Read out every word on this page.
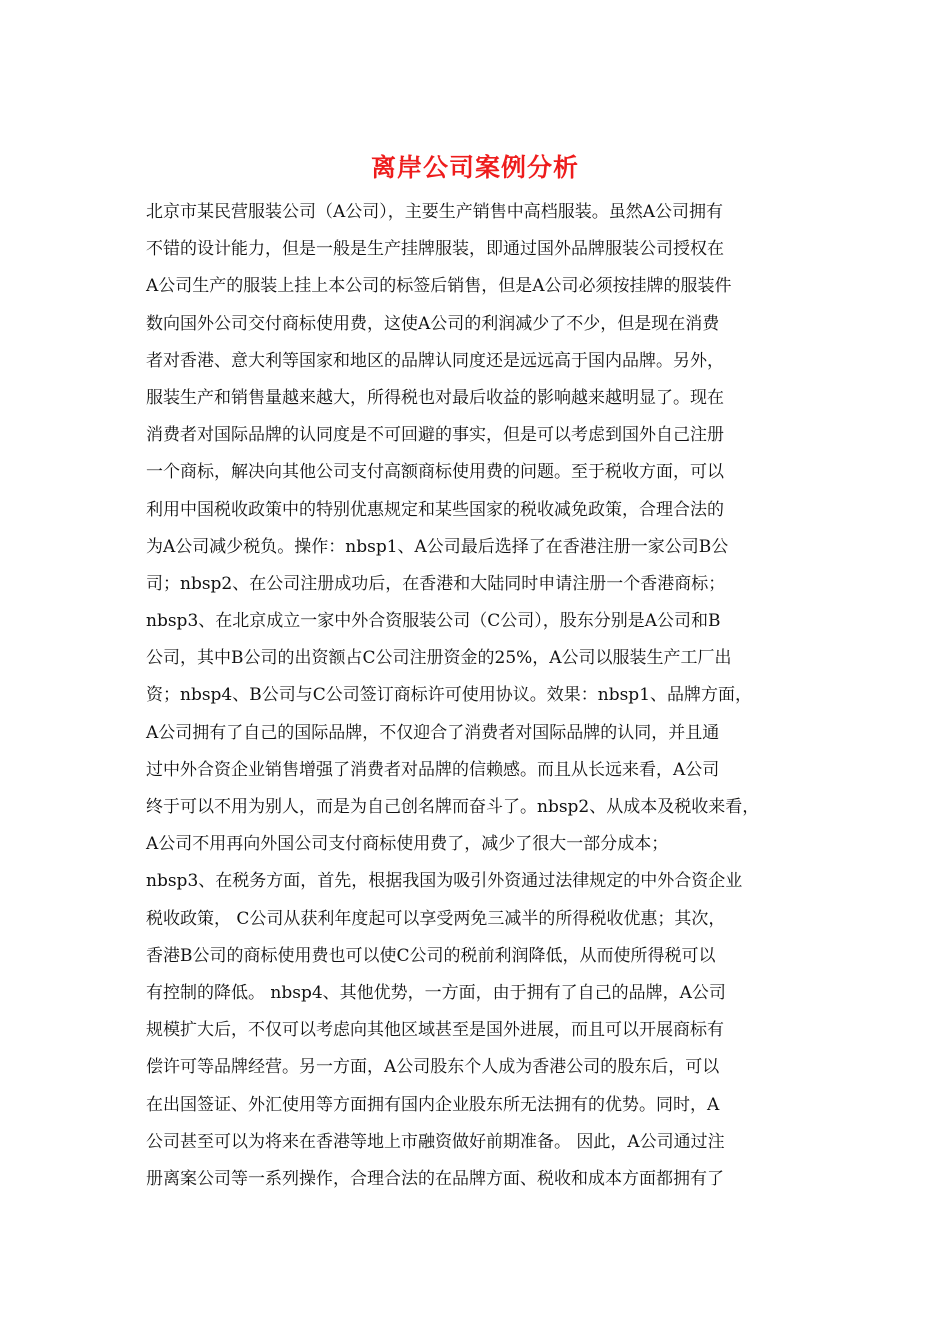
离岸公司案例分析
北京市某民营服装公司（A公司），主要生产销售中高档服装。虽然A公司拥有
不错的设计能力，但是一般是生产挂牌服装，即通过国外品牌服装公司授权在
A公司生产的服装上挂上本公司的标签后销售，但是A公司必须按挂牌的服装件
数向国外公司交付商标使用费，这使A公司的利润减少了不少，但是现在消费
者对香港、意大利等国家和地区的品牌认同度还是远远高于国内品牌。另外，
服装生产和销售量越来越大，所得税也对最后收益的影响越来越明显了。现在
消费者对国际品牌的认同度是不可回避的事实，但是可以考虑到国外自己注册
一个商标，解决向其他公司支付高额商标使用费的问题。至于税收方面，可以
利用中国税收政策中的特别优惠规定和某些国家的税收减免政策，合理合法的
为A公司减少税负。操作：nbsp1、A公司最后选择了在香港注册一家公司B公
司；nbsp2、在公司注册成功后，在香港和大陆同时申请注册一个香港商标；
nbsp3、在北京成立一家中外合资服装公司（C公司），股东分别是A公司和B
公司，其中B公司的出资额占C公司注册资金的25%，A公司以服装生产工厂出
资；nbsp4、B公司与C公司签订商标许可使用协议。效果：nbsp1、品牌方面，
A公司拥有了自己的国际品牌，不仅迎合了消费者对国际品牌的认同，并且通
过中外合资企业销售增强了消费者对品牌的信赖感。而且从长远来看，A公司
终于可以不用为别人，而是为自己创名牌而奋斗了。nbsp2、从成本及税收来看，
A公司不用再向外国公司支付商标使用费了，减少了很大一部分成本；
nbsp3、在税务方面，首先，根据我国为吸引外资通过法律规定的中外合资企业
税收政策， C公司从获利年度起可以享受两免三减半的所得税收优惠；其次，
香港B公司的商标使用费也可以使C公司的税前利润降低，从而使所得税可以
有控制的降低。 nbsp4、其他优势，一方面，由于拥有了自己的品牌，A公司
规模扩大后，不仅可以考虑向其他区域甚至是国外进展，而且可以开展商标有
偿许可等品牌经营。另一方面，A公司股东个人成为香港公司的股东后，可以
在出国签证、外汇使用等方面拥有国内企业股东所无法拥有的优势。同时，A
公司甚至可以为将来在香港等地上市融资做好前期准备。 因此，A公司通过注
册离案公司等一系列操作，合理合法的在品牌方面、税收和成本方面都拥有了
